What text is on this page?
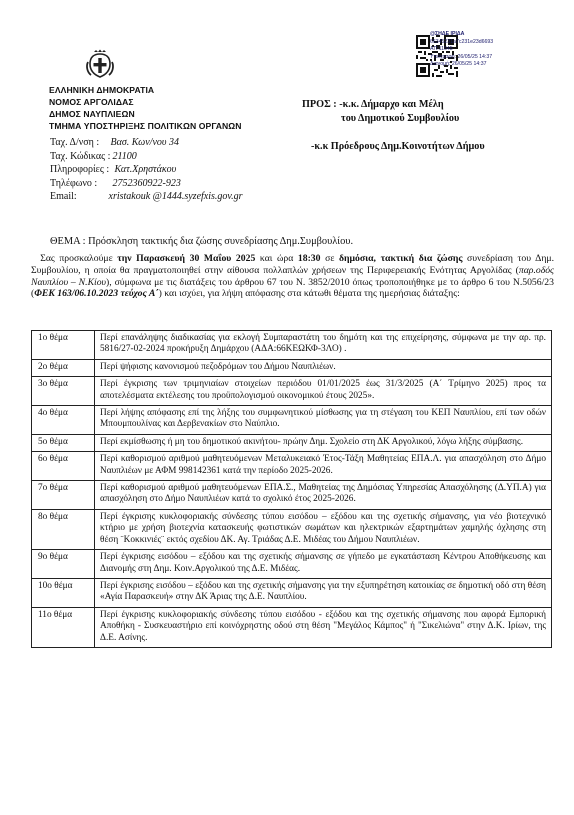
ΕΛΛΗΝΙΚΗ ΔΗΜΟΚΡΑΤΙΑ
ΝΟΜΟΣ ΑΡΓΟΛΙΔΑΣ
ΔΗΜΟΣ ΝΑΥΠΛΙΕΩΝ
ΤΜΗΜΑ ΥΠΟΣΤΗΡΙΞΗΣ ΠΟΛΙΤΙΚΩΝ ΟΡΓΑΝΩΝ
Ταχ. Δ/νση : Βασ. Κων/νου 34
Ταχ. Κώδικας : 21100
Πληροφορίες : Κατ.Χρηστάκου
Τηλέφωνο : 2752360922-923
Email:	xristakouk @1444.syzefxis.gov.gr
@ΣΗΔΕ ΙΡΙΔΑ
66345231a7c231e23d6693
ΑΠ:11045
Υπογραφή: 26/05/25 14:37
Διανομή: 26/05/25 14:37
ΠΡΟΣ : -κ.κ. Δήμαρχο και Μέλη
του Δημοτικού Συμβουλίου
-κ.κ Πρόεδρους Δημ.Κοινοτήτων Δήμου
ΘΕΜΑ : Πρόσκληση τακτικής δια ζώσης συνεδρίασης Δημ.Συμβουλίου.
Σας προσκαλούμε την Παρασκευή 30 Μαΐου 2025 και ώρα 18:30 σε δημόσια, τακτική δια ζώσης συνεδρίαση του Δημ. Συμβουλίου, η οποία θα πραγματοποιηθεί στην αίθουσα πολλαπλών χρήσεων της Περιφερειακής Ενότητας Αργολίδας (παρ.οδός Ναυπλίου – Ν.Κίου), σύμφωνα με τις διατάξεις του άρθρου 67 του Ν. 3852/2010 όπως τροποποιήθηκε με το άρθρο 6 του Ν.5056/23 (ΦΕΚ 163/06.10.2023 τεύχος Α΄) και ισχύει, για λήψη απόφασης στα κάτωθι θέματα της ημερήσιας διάταξης:
1ο θέμα	Περί επανάληψης διαδικασίας για εκλογή Συμπαραστάτη του δημότη και της επιχείρησης, σύμφωνα με την αρ. πρ. 5816/27-02-2024 προκήρυξη Δημάρχου (ΑΔΑ:66ΚΕΩΚΦ-3ΛΟ) .
2ο θέμα	Περί ψήφισης κανονισμού πεζοδρόμων του Δήμου Ναυπλιέων.
3ο θέμα	Περί έγκρισης των τριμηνιαίων στοιχείων περιόδου 01/01/2025 έως 31/3/2025 (Α΄ Τρίμηνο 2025) προς τα αποτελέσματα εκτέλεσης του προϋπολογισμού οικονομικού έτους 2025».
4ο θέμα	Περί λήψης απόφασης επί της λήξης του συμφωνητικού μίσθωσης για τη στέγαση του ΚΕΠ Ναυπλίου, επί των οδών Μπουμπουλίνας και Δερβενακίων στο Ναύπλιο.
5ο θέμα	Περί εκμίσθωσης ή μη του δημοτικού ακινήτου- πρώην Δημ. Σχολείο στη ΔΚ Αργολικού, λόγω λήξης σύμβασης.
6ο θέμα	Περί καθορισμού αριθμού μαθητευόμενων Μεταλυκειακό Έτος-Τάξη Μαθητείας ΕΠΑ.Λ. για απασχόληση στο Δήμο Ναυπλιέων με ΑΦΜ 998142361 κατά την περίοδο 2025-2026.
7ο θέμα	Περί καθορισμού αριθμού μαθητευόμενων ΕΠΑ.Σ., Μαθητείας της Δημόσιας Υπηρεσίας Απασχόλησης (Δ.ΥΠ.Α) για απασχόληση στο Δήμο Ναυπλιέων κατά το σχολικό έτος 2025-2026.
8ο θέμα	Περί έγκρισης κυκλοφοριακής σύνδεσης τύπου εισόδου – εξόδου και της σχετικής σήμανσης, για νέο βιοτεχνικό κτήριο με χρήση βιοτεχνία κατασκευής φωτιστικών σωμάτων και ηλεκτρικών εξαρτημάτων χαμηλής όχλησης στη θέση ¨Κοκκινιές¨ εκτός σχεδίου ΔΚ. Αγ. Τριάδας Δ.Ε. Μιδέας του Δήμου Ναυπλιέων.
9ο θέμα	Περί έγκρισης εισόδου – εξόδου και της σχετικής σήμανσης σε γήπεδο με εγκατάσταση Κέντρου Αποθήκευσης και Διανομής στη Δημ. Κοιν.Αργολικού της Δ.Ε. Μιδέας.
10ο θέμα	Περί έγκρισης εισόδου – εξόδου και της σχετικής σήμανσης για την εξυπηρέτηση κατοικίας σε δημοτική οδό στη θέση «Αγία Παρασκευή» στην ΔΚ Άριας της Δ.Ε. Ναυπλίου.
11ο θέμα	Περί έγκρισης κυκλοφοριακής σύνδεσης τύπου εισόδου - εξόδου και της σχετικής σήμανσης που αφορά Εμπορική Αποθήκη - Συσκευαστήριο επί κοινόχρηστης οδού στη θέση "Μεγάλος Κάμπος" ή "Σικελιώνα" στην Δ.Κ. Ιρίων, της Δ.Ε. Ασίνης.
